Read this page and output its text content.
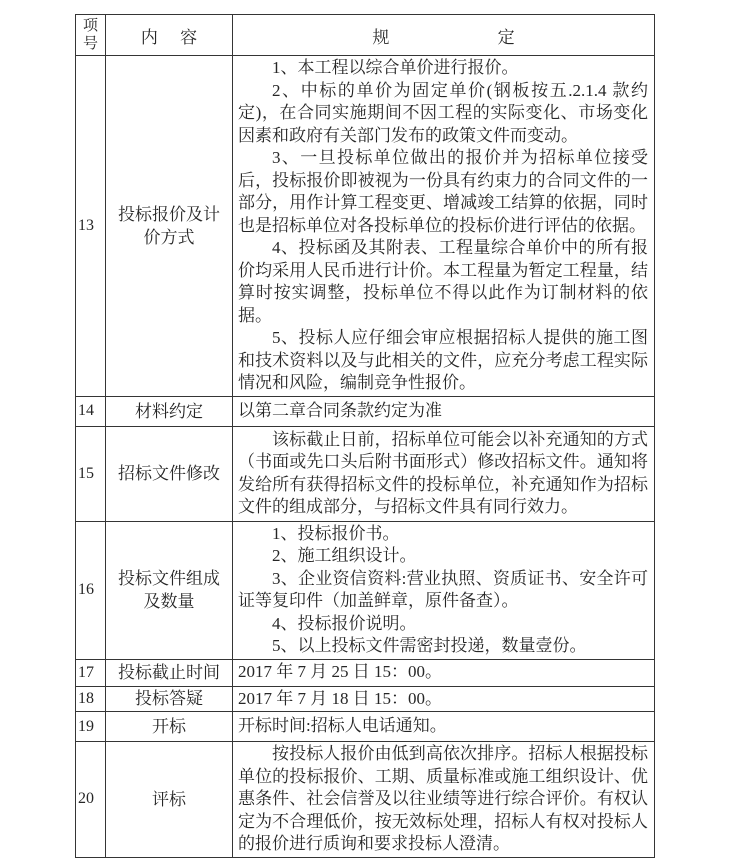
项号	内 容	规 定
13	投标报价及计价方式	1、本工程以综合单价进行报价。

2、中标的单价为固定单价(钢板按五.2.1.4 款约定)，在合同实施期间不因工程的实际变化、市场变化因素和政府有关部门发布的政策文件而变动。

3、一旦投标单位做出的报价并为招标单位接受后，投标报价即被视为一份具有约束力的合同文件的一部分，用作计算工程变更、增减竣工结算的依据，同时也是招标单位对各投标单位的投标价进行评估的依据。

4、投标函及其附表、工程量综合单价中的所有报价均采用人民币进行计价。本工程量为暂定工程量，结算时按实调整，投标单位不得以此作为订制材料的依据。

5、投标人应仔细会审应根据招标人提供的施工图和技术资料以及与此相关的文件，应充分考虑工程实际情况和风险，编制竞争性报价。

14	材料约定	以第二章合同条款约定为准

15	招标文件修改	该标截止日前，招标单位可能会以补充通知的方式（书面或先口头后附书面形式）修改招标文件。通知将发给所有获得招标文件的投标单位，补充通知作为招标文件的组成部分，与招标文件具有同行效力。

16	投标文件组成及数量	1、投标报价书。

2、施工组织设计。

3、企业资信资料:营业执照、资质证书、安全许可证等复印件（加盖鲜章，原件备查）。

4、投标报价说明。

5、以上投标文件需密封投递，数量壹份。

17	投标截止时间	2017 年 7 月 25 日 15：00。

18	投标答疑	2017 年 7 月 18 日 15：00。

19	开标	开标时间:招标人电话通知。

20	评标	按投标人报价由低到高依次排序。招标人根据投标单位的投标报价、工期、质量标准或施工组织设计、优惠条件、社会信誉及以往业绩等进行综合评价。有权认定为不合理低价，按无效标处理，招标人有权对投标人的报价进行质询和要求投标人澄清。
